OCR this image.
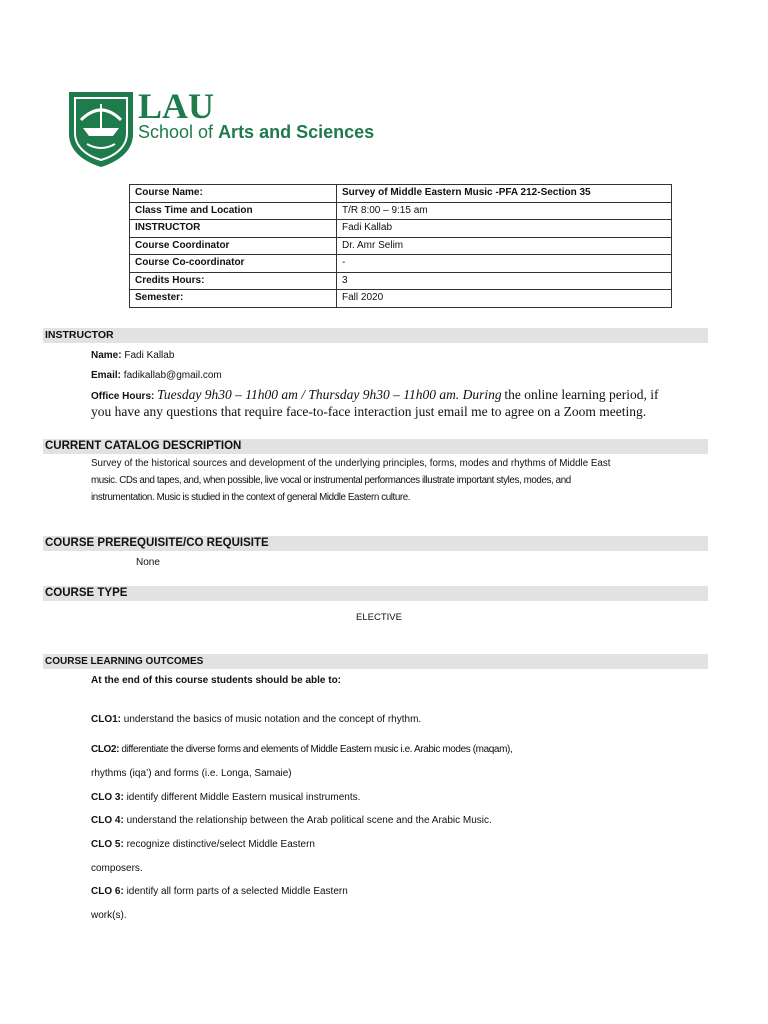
LAU
School of Arts and Sciences
Course Name:	Survey of Middle Eastern Music -PFA 212-Section 35
Class Time and Location	T/R 8:00 – 9:15 am
INSTRUCTOR	Fadi Kallab
Course Coordinator	Dr. Amr Selim
Course Co-coordinator	-
Credits Hours:	3
Semester:	Fall 2020
INSTRUCTOR
Name: Fadi Kallab
Email: fadikallab@gmail.com
Office Hours: Tuesday 9h30 – 11h00 am / Thursday 9h30 – 11h00 am. During the online learning period, if
you have any questions that require face-to-face interaction just email me to agree on a Zoom meeting.
CURRENT CATALOG DESCRIPTION
Survey of the historical sources and development of the underlying principles, forms, modes and rhythms of Middle East
music. CDs and tapes, and, when possible, live vocal or instrumental performances illustrate important styles, modes, and
instrumentation. Music is studied in the context of general Middle Eastern culture.
COURSE PREREQUISITE/CO REQUISITE
None
COURSE TYPE
ELECTIVE
COURSE LEARNING OUTCOMES
At the end of this course students should be able to:
CLO1: understand the basics of music notation and the concept of rhythm.
CLO2: differentiate the diverse forms and elements of Middle Eastern music i.e. Arabic modes (maqam),
rhythms (iqa’) and forms (i.e. Longa, Samaie)
CLO 3: identify different Middle Eastern musical instruments.
CLO 4: understand the relationship between the Arab political scene and the Arabic Music.
CLO 5: recognize distinctive/select Middle Eastern
composers.
CLO 6: identify all form parts of a selected Middle Eastern
work(s).
